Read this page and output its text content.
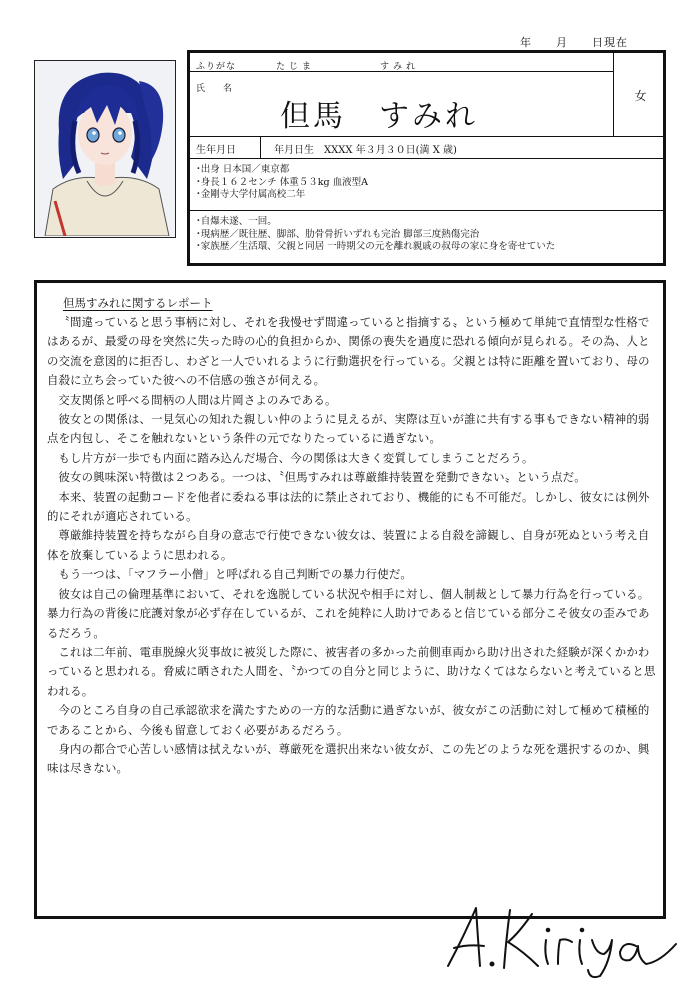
年　　月　　日現在
ふりがな	たじま　　　　　すみれ
氏名
但馬　すみれ
女
生年月日	年月日生　XXXX 年３月３０日(満 X 歳)
･出身 日本国／東京都
･身長１６２センチ 体重５３kg 血液型A
･金剛寺大学付属高校二年
･自爆未遂、一回。
･現病歴／既往歴、脚部、肋骨骨折いずれも完治 脚部三度熱傷完治
･家族歴／生活環、父親と同居 一時期父の元を離れ親戚の叔母の家に身を寄せていた
但馬すみれに関するレポート

〝間違っていると思う事柄に対し、それを我慢せず間違っていると指摘する〟という極めて単純で直情型な性格ではあるが、最愛の母を突然に失った時の心的負担からか、関係の喪失を過度に恐れる傾向が見られる。その為、人との交流を意図的に拒否し、わざと一人でいれるように行動選択を行っている。父親とは特に距離を置いており、母の自殺に立ち会っていた彼への不信感の強さが伺える。

交友関係と呼べる間柄の人間は片岡さよのみである。

彼女との関係は、一見気心の知れた親しい仲のように見えるが、実際は互いが誰に共有する事もできない精神的弱点を内包し、そこを触れないという条件の元でなりたっているに過ぎない。

もし片方が一歩でも内面に踏み込んだ場合、今の関係は大きく変質してしまうことだろう。

彼女の興味深い特徴は２つある。一つは、〝但馬すみれは尊厳維持装置を発動できない〟という点だ。

本来、装置の起動コードを他者に委ねる事は法的に禁止されており、機能的にも不可能だ。しかし、彼女には例外的にそれが適応されている。

尊厳維持装置を持ちながら自身の意志で行使できない彼女は、装置による自殺を諦観し、自身が死ぬという考え自体を放棄しているように思われる。

もう一つは、「マフラー小僧」と呼ばれる自己判断での暴力行使だ。

彼女は自己の倫理基準において、それを逸脱している状況や相手に対し、個人制裁として暴力行為を行っている。暴力行為の背後に庇護対象が必ず存在しているが、これを純粋に人助けであると信じている部分こそ彼女の歪みであるだろう。

これは二年前、電車脱線火災事故に被災した際に、被害者の多かった前側車両から助け出された経験が深くかかわっていると思われる。脅威に晒された人間を、〝かつての自分と同じように、助けなくてはならないと考えていると思われる。

今のところ自身の自己承認欲求を満たすための一方的な活動に過ぎないが、彼女がこの活動に対して極めて積極的であることから、今後も留意しておく必要があるだろう。

身内の都合で心苦しい感情は拭えないが、尊厳死を選択出来ない彼女が、この先どのような死を選択するのか、興味は尽きない。
